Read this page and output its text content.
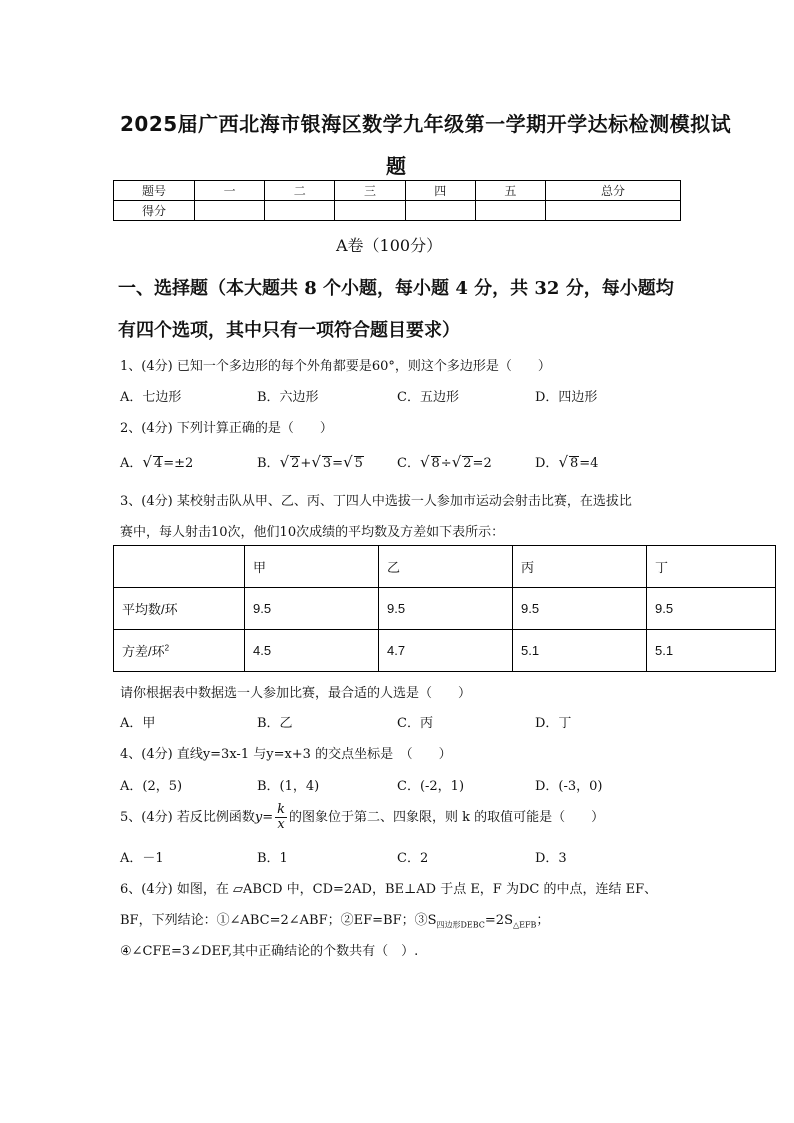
2025届广西北海市银海区数学九年级第一学期开学达标检测模拟试
题
题号	一	二	三	四	五	总分
得分						
A卷（100分）
一、选择题（本大题共 8 个小题，每小题 4 分，共 32 分，每小题均
有四个选项，其中只有一项符合题目要求）
1、(4分) 已知一个多边形的每个外角都要是60°，则这个多边形是（　　）
A．七边形	B．六边形	C．五边形	D．四边形
2、(4分) 下列计算正确的是（　　）
A．√ 4=±2	B．√ 2+√ 3=√ 5	C．√ 8÷√ 2=2	D．√ 8=4
3、(4分) 某校射击队从甲、乙、丙、丁四人中选拔一人参加市运动会射击比赛，在选拔比
赛中，每人射击10次，他们10次成绩的平均数及方差如下表所示：
	甲	乙	丙	丁
平均数/环	9.5	9.5	9.5	9.5
方差/环$^2$	4.5	4.7	5.1	5.1
请你根据表中数据选一人参加比赛，最合适的人选是（　　）
A．甲	B．乙	C．丙	D．丁
4、(4分) 直线y=3x-1 与y=x+3 的交点坐标是　（　　）
A．(2，5)	B．(1，4)	C．(-2，1)	D．(-3，0)
5、(4分) 若反比例函数$y= \frac{k}{x}$ 的图象位于第二、四象限，则 k 的取值可能是（　　）
A．－1	B．1	C．2	D．3
6、(4分) 如图，在 ▱ABCD 中，CD=2AD，BE⊥AD 于点 E，F 为DC 的中点，连结 EF、
BF，下列结论：①∠ABC=2∠ABF；②EF=BF；$③S_{四边形DEBC}=2S_{\triangle EFB}$；
④∠CFE=3∠DEF,其中正确结论的个数共有（　）.
